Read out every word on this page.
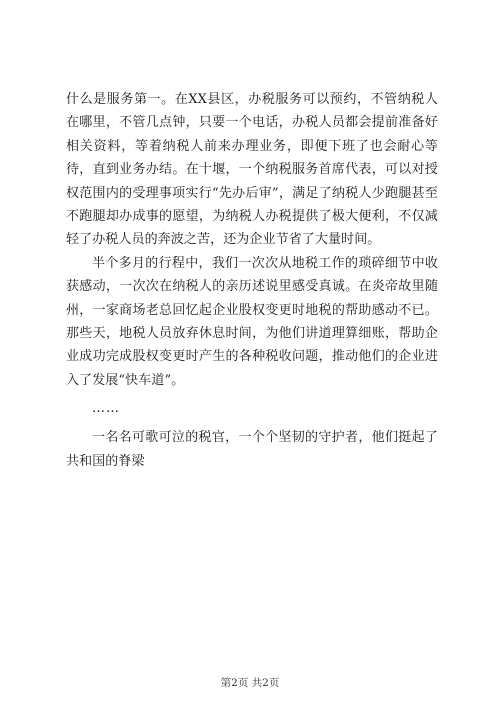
什么是服务第一。在XX县区，办税服务可以预约，不管纳税人在哪里，不管几点钟，只要一个电话，办税人员都会提前准备好相关资料，等着纳税人前来办理业务，即便下班了也会耐心等待，直到业务办结。在十堰，一个纳税服务首席代表，可以对授权范围内的受理事项实行“先办后审”，满足了纳税人少跑腿甚至不跑腿却办成事的愿望，为纳税人办税提供了极大便利，不仅减轻了办税人员的奔波之苦，还为企业节省了大量时间。

半个多月的行程中，我们一次次从地税工作的琐碎细节中收获感动，一次次在纳税人的亲历述说里感受真诚。在炎帝故里随州，一家商场老总回忆起企业股权变更时地税的帮助感动不已。那些天，地税人员放弃休息时间，为他们讲道理算细账，帮助企业成功完成股权变更时产生的各种税收问题，推动他们的企业进入了发展“快车道”。

……

一名名可歌可泣的税官，一个个坚韧的守护者，他们挺起了共和国的脊梁

第2页 共2页
